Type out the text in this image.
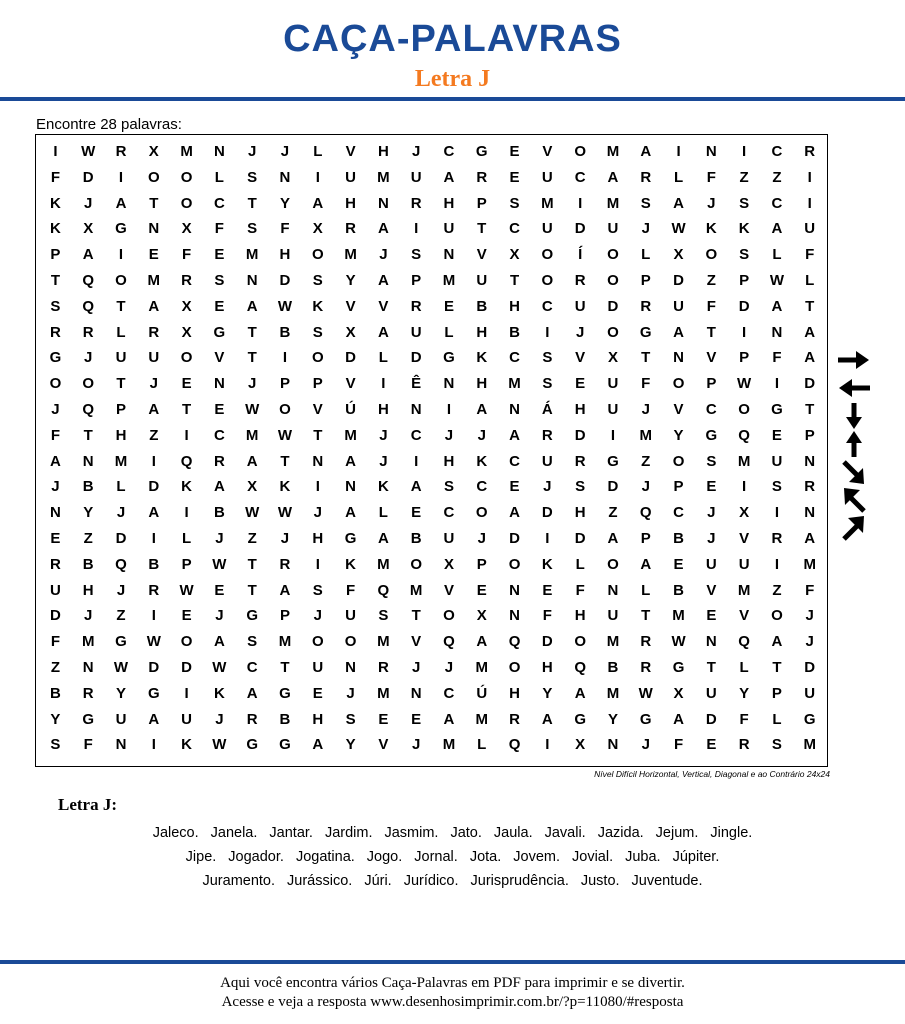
CAÇA-PALAVRAS
Letra J
Encontre 28 palavras:
I	W	R	X	M	N	J	J	L	V	H	J	C	G	E	V	O	M	A	I	N	I	C	R
F	D	I	O	O	L	S	N	I	U	M	U	A	R	E	U	C	A	R	L	F	Z	Z	I
K	J	A	T	O	C	T	Y	A	H	N	R	H	P	S	M	I	M	S	A	J	S	C	I
K	X	G	N	X	F	S	F	X	R	A	I	U	T	C	U	D	U	J	W	K	K	A	U
P	A	I	E	F	E	M	H	O	M	J	S	N	V	X	O	Í	O	L	X	O	S	L	F
T	Q	O	M	R	S	N	D	S	Y	A	P	M	U	T	O	R	O	P	D	Z	P	W	L
S	Q	T	A	X	E	A	W	K	V	V	R	E	B	H	C	U	D	R	U	F	D	A	T
R	R	L	R	X	G	T	B	S	X	A	U	L	H	B	I	J	O	G	A	T	I	N	A
G	J	U	U	O	V	T	I	O	D	L	D	G	K	C	S	V	X	T	N	V	P	F	A
O	O	T	J	E	N	J	P	P	V	I	Ê	N	H	M	S	E	U	F	O	P	W	I	D
J	Q	P	A	T	E	W	O	V	Ú	H	N	I	A	N	Á	H	U	J	V	C	O	G	T
F	T	H	Z	I	C	M	W	T	M	J	C	J	J	A	R	D	I	M	Y	G	Q	E	P
A	N	M	I	Q	R	A	T	N	A	J	I	H	K	C	U	R	G	Z	O	S	M	U	N
J	B	L	D	K	A	X	K	I	N	K	A	S	C	E	J	S	D	J	P	E	I	S	R
N	Y	J	A	I	B	W	W	J	A	L	E	C	O	A	D	H	Z	Q	C	J	X	I	N
E	Z	D	I	L	J	Z	J	H	G	A	B	U	J	D	I	D	A	P	B	J	V	R	A
R	B	Q	B	P	W	T	R	I	K	M	O	X	P	O	K	L	O	A	E	U	U	I	M
U	H	J	R	W	E	T	A	S	F	Q	M	V	E	N	E	F	N	L	B	V	M	Z	F
D	J	Z	I	E	J	G	P	J	U	S	T	O	X	N	F	H	U	T	M	E	V	O	J
F	M	G	W	O	A	S	M	O	O	M	V	Q	A	Q	D	O	M	R	W	N	Q	A	J
Z	N	W	D	D	W	C	T	U	N	R	J	J	M	O	H	Q	B	R	G	T	L	T	D
B	R	Y	G	I	K	A	G	E	J	M	N	C	Ú	H	Y	A	M	W	X	U	Y	P	U
Y	G	U	A	U	J	R	B	H	S	E	E	A	M	R	A	G	Y	G	A	D	F	L	G
S	F	N	I	K	W	G	G	A	Y	V	J	M	L	Q	I	X	N	J	F	E	R	S	M
Nível Difícil Horizontal, Vertical, Diagonal e ao Contrário 24x24
Letra J:
Jaleco. Janela. Jantar. Jardim. Jasmim. Jato. Jaula. Javali. Jazida. Jejum. Jingle.
Jipe. Jogador. Jogatina. Jogo. Jornal. Jota. Jovem. Jovial. Juba. Júpiter.
Juramento. Jurássico. Júri. Jurídico. Jurisprudência. Justo. Juventude.
Aqui você encontra vários Caça-Palavras em PDF para imprimir e se divertir.
Acesse e veja a resposta www.desenhosimprimir.com.br/?p=11080/#resposta
